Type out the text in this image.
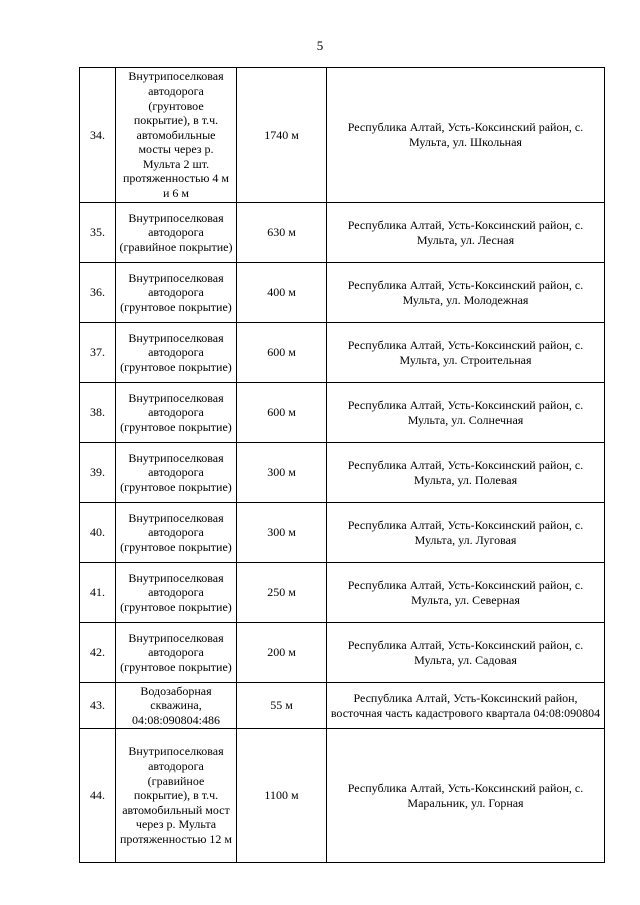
5
34.	Внутрипоселковая автодорога (грунтовое покрытие), в т.ч. автомобильные мосты через р. Мульта 2 шт. протяженностью 4 м и 6 м	1740 м	Республика Алтай, Усть-Коксинский район, с. Мульта, ул. Школьная
35.	Внутрипоселковая автодорога (гравийное покрытие)	630 м	Республика Алтай, Усть-Коксинский район, с. Мульта, ул. Лесная
36.	Внутрипоселковая автодорога (грунтовое покрытие)	400 м	Республика Алтай, Усть-Коксинский район, с. Мульта, ул. Молодежная
37.	Внутрипоселковая автодорога (грунтовое покрытие)	600 м	Республика Алтай, Усть-Коксинский район, с. Мульта, ул. Строительная
38.	Внутрипоселковая автодорога (грунтовое покрытие)	600 м	Республика Алтай, Усть-Коксинский район, с. Мульта, ул. Солнечная
39.	Внутрипоселковая автодорога (грунтовое покрытие)	300 м	Республика Алтай, Усть-Коксинский район, с. Мульта, ул. Полевая
40.	Внутрипоселковая автодорога (грунтовое покрытие)	300 м	Республика Алтай, Усть-Коксинский район, с. Мульта, ул. Луговая
41.	Внутрипоселковая автодорога (грунтовое покрытие)	250 м	Республика Алтай, Усть-Коксинский район, с. Мульта, ул. Северная
42.	Внутрипоселковая автодорога (грунтовое покрытие)	200 м	Республика Алтай, Усть-Коксинский район, с. Мульта, ул. Садовая
43.	Водозаборная скважина, 04:08:090804:486	55 м	Республика Алтай, Усть-Коксинский район, восточная часть кадастрового квартала 04:08:090804
44.	Внутрипоселковая автодорога (гравийное покрытие), в т.ч. автомобильный мост через р. Мульта протяженностью 12 м	1100 м	Республика Алтай, Усть-Коксинский район, с. Маральник, ул. Горная
